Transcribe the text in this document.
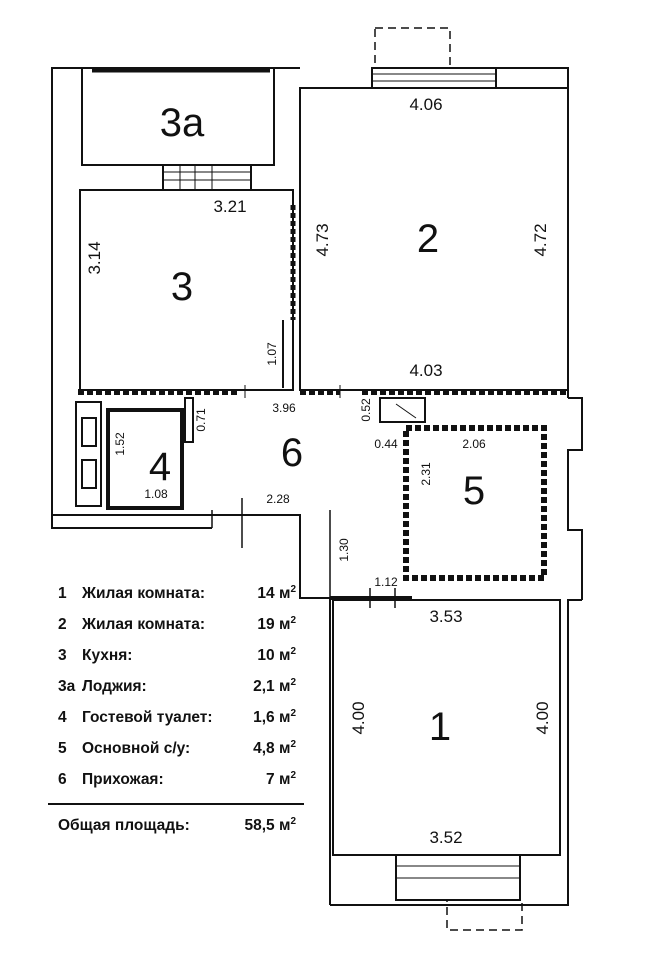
3а
3
2
6
4
5
1
4.06
4.73	4.72
4.03
3.21
3.14
1.07
1.52
1.08
0.71
3.96
2.28
1.30
1.12
2.06
2.31
0.44
0.52
3.53
4.00	4.00
3.52
1 Жилая комната:	14 $м^2$
2 Жилая комната:	19 $м^2$
3 Кухня:	10 $м^2$
3а Лоджия:	2,1 $м^2$
4 Гостевой туалет:	1,6 $м^2$
5 Основной с/у:	4,8 $м^2$
6 Прихожая:	7 $м^2$
Общая площадь:	58,5 $м^2$
